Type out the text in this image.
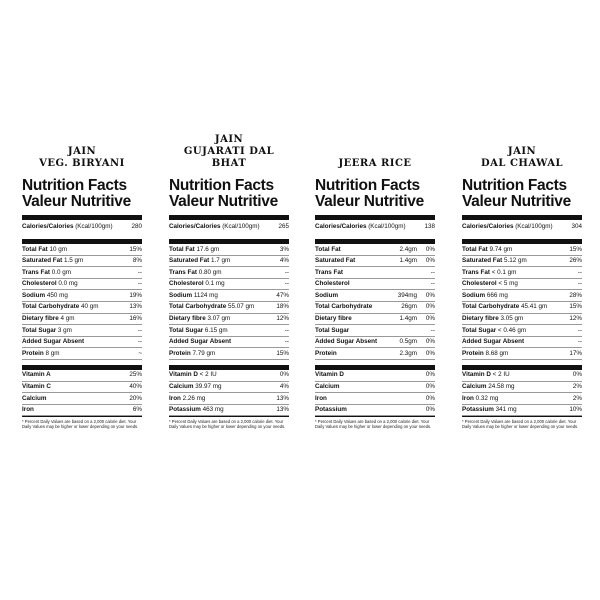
JAIN
VEG. BIRYANI
Nutrition Facts
Valeur Nutritive
Calories/Calories (Kcal/100gm)	280
Total Fat 10 gm	15%
Saturated Fat 1.5 gm	8%
Trans Fat 0.0 gm	--
Cholesterol 0.0 mg	--
Sodium 450 mg	19%
Total Carbohydrate 40 gm	13%
Dietary fibre 4 gm	16%
Total Sugar 3 gm	--
Added Sugar Absent	--
Protein 8 gm	~
Vitamin A	25%
Vitamin C	40%
Calcium	20%
Iron	6%
* Percent Daily Values are based on a 2,000 calorie diet. Your Daily Values may be higher or lower depending on your needs.
JAIN
GUJARATI DAL BHAT
Nutrition Facts
Valeur Nutritive
Calories/Calories (Kcal/100gm)	265
Total Fat 17.6 gm	3%
Saturated Fat 1.7 gm	4%
Trans Fat 0.80 gm	--
Cholesterol 0.1 mg	--
Sodium 1124 mg	47%
Total Carbohydrate 55.07 gm	18%
Dietary fibre 3.07 gm	12%
Total Sugar 6.15 gm	--
Added Sugar Absent	--
Protein 7.79 gm	15%
Vitamin D < 2 IU	0%
Calcium 39.97 mg	4%
Iron 2.26 mg	13%
Potassium 463 mg	13%
* Percent Daily Values are based on a 2,000 calorie diet. Your Daily Values may be higher or lower depending on your needs.
JEERA RICE
Nutrition Facts
Valeur Nutritive
Calories/Calories (Kcal/100gm)	138
Total Fat	2.4gm	0%
Saturated Fat	1.4gm	0%
Trans Fat	--
Cholesterol	--
Sodium	394mg	0%
Total Carbohydrate	26gm	0%
Dietary fibre	1.4gm	0%
Total Sugar	--
Added Sugar Absent	0.5gm	0%
Protein	2.3gm	0%
Vitamin D	0%
Calcium	0%
Iron	0%
Potassium	0%
* Percent Daily Values are based on a 2,000 calorie diet. Your Daily Values may be higher or lower depending on your needs.
JAIN
DAL CHAWAL
Nutrition Facts
Valeur Nutritive
Calories/Calories (Kcal/100gm)	304
Total Fat 9.74 gm	15%
Saturated Fat 5.12 gm	26%
Trans Fat < 0.1 gm	--
Cholesterol < 5 mg	--
Sodium 666 mg	28%
Total Carbohydrate 45.41 gm	15%
Dietary fibre 3.05 gm	12%
Total Sugar < 0.46 gm	--
Added Sugar Absent	--
Protein 8.68 gm	17%
Vitamin D < 2 IU	0%
Calcium 24.58 mg	2%
Iron 0.32 mg	2%
Potassium 341 mg	10%
* Percent Daily Values are based on a 2,000 calorie diet. Your Daily Values may be higher or lower depending on your needs.
